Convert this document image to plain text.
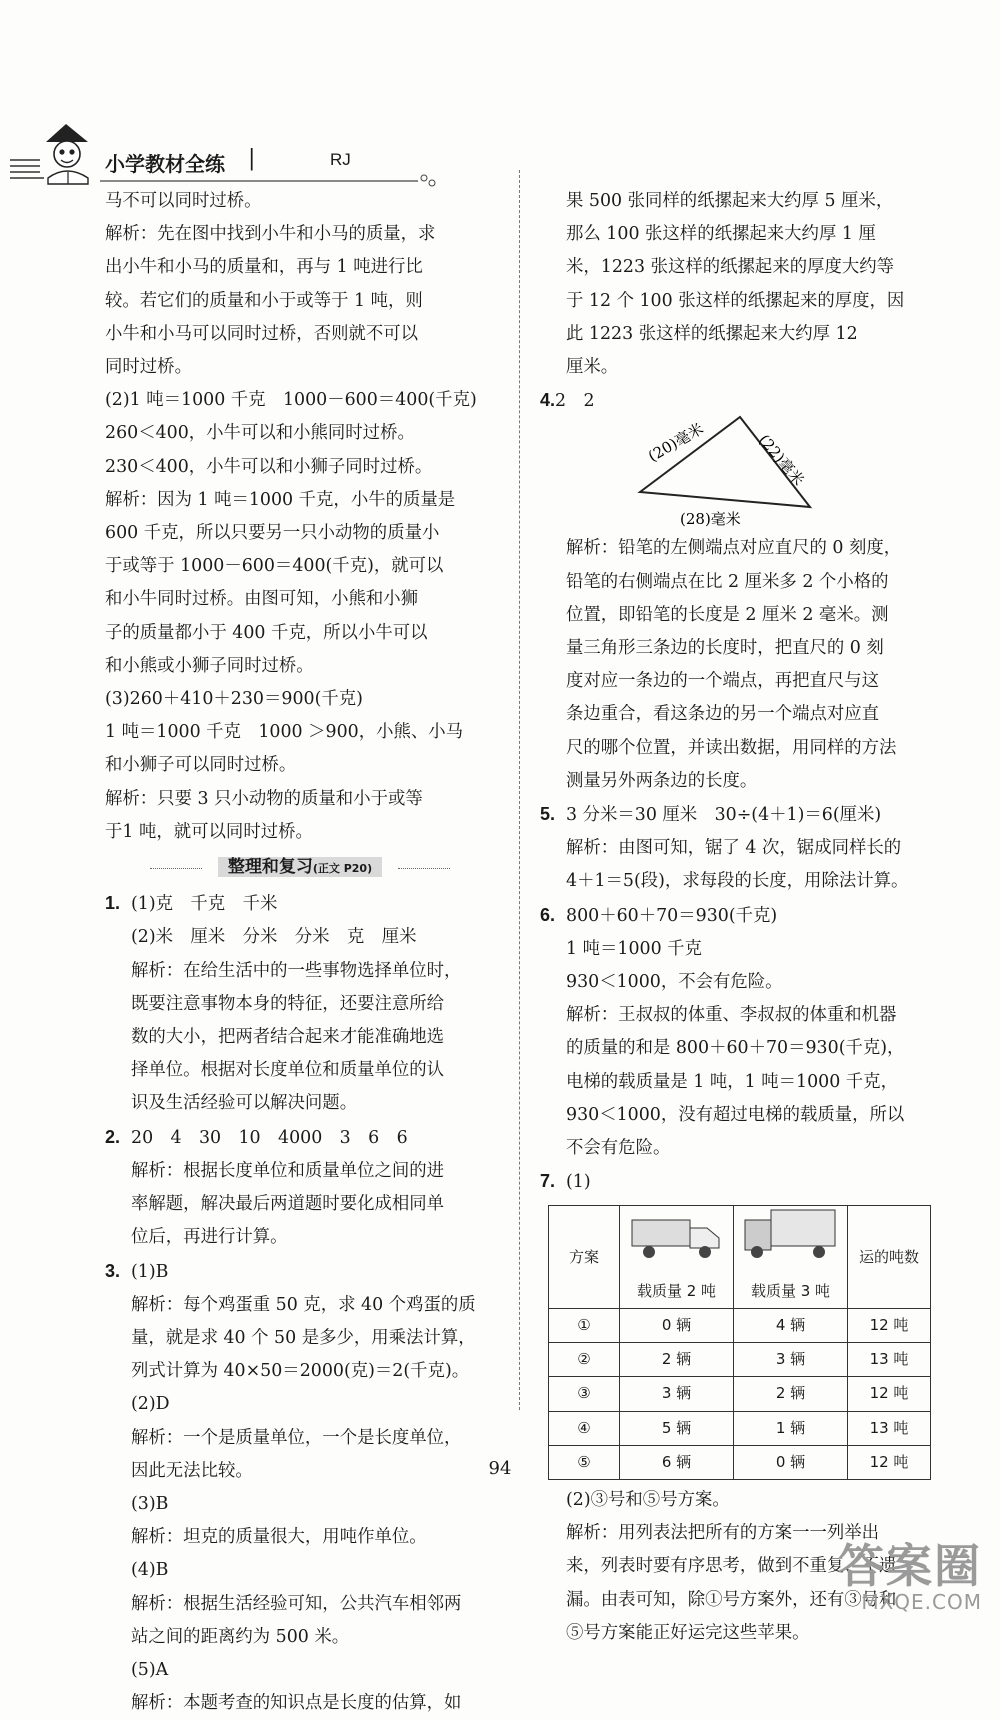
小学教材全练 |	RJ

马不可以同时过桥。

解析：先在图中找到小牛和小马的质量，求

出小牛和小马的质量和，再与 1 吨进行比

较。若它们的质量和小于或等于 1 吨，则

小牛和小马可以同时过桥，否则就不可以

同时过桥。

(2)1 吨＝1000 千克　1000－600＝400(千克)

260＜400，小牛可以和小熊同时过桥。

230＜400，小牛可以和小狮子同时过桥。

解析：因为 1 吨＝1000 千克，小牛的质量是

600 千克，所以只要另一只小动物的质量小

于或等于 1000－600＝400(千克)，就可以

和小牛同时过桥。由图可知，小熊和小狮

子的质量都小于 400 千克，所以小牛可以

和小熊或小狮子同时过桥。

(3)260＋410＋230＝900(千克)

1 吨＝1000 千克　1000 ＞900，小熊、小马

和小狮子可以同时过桥。

解析：只要 3 只小动物的质量和小于或等

于1 吨，就可以同时过桥。

整理和复习(正文 P20)

1. (1)克　千克　千米

(2)米　厘米　分米　分米　克　厘米

解析：在给生活中的一些事物选择单位时，

既要注意事物本身的特征，还要注意所给

数的大小，把两者结合起来才能准确地选

择单位。根据对长度单位和质量单位的认

识及生活经验可以解决问题。

2. 20　4　30　10　4000　3　6　6

解析：根据长度单位和质量单位之间的进

率解题，解决最后两道题时要化成相同单

位后，再进行计算。

3. (1)B

解析：每个鸡蛋重 50 克，求 40 个鸡蛋的质

量，就是求 40 个 50 是多少，用乘法计算，

列式计算为 40×50＝2000(克)＝2(千克)。

(2)D

解析：一个是质量单位，一个是长度单位，

因此无法比较。

(3)B

解析：坦克的质量很大，用吨作单位。

(4)B

解析：根据生活经验可知，公共汽车相邻两

站之间的距离约为 500 米。

(5)A

解析：本题考查的知识点是长度的估算，如

果 500 张同样的纸摞起来大约厚 5 厘米，

那么 100 张这样的纸摞起来大约厚 1 厘

米，1223 张这样的纸摞起来的厚度大约等

于 12 个 100 张这样的纸摞起来的厚度，因

此 1223 张这样的纸摞起来大约厚 12

厘米。

4.2　2

(20)毫米	(22)毫米
(28)毫米

解析：铅笔的左侧端点对应直尺的 0 刻度，

铅笔的右侧端点在比 2 厘米多 2 个小格的

位置，即铅笔的长度是 2 厘米 2 毫米。测

量三角形三条边的长度时，把直尺的 0 刻

度对应一条边的一个端点，再把直尺与这

条边重合，看这条边的另一个端点对应直

尺的哪个位置，并读出数据，用同样的方法

测量另外两条边的长度。

5. 3 分米＝30 厘米　30÷(4＋1)＝6(厘米)

解析：由图可知，锯了 4 次，锯成同样长的

4＋1＝5(段)，求每段的长度，用除法计算。

6. 800＋60＋70＝930(千克)

1 吨＝1000 千克

930＜1000，不会有危险。

解析：王叔叔的体重、李叔叔的体重和机器

的质量的和是 800＋60＋70＝930(千克)，

电梯的载质量是 1 吨，1 吨＝1000 千克，

930＜1000，没有超过电梯的载质量，所以

不会有危险。

7. (1)

方案	载质量 2 吨	载质量 3 吨	运的吨数
①	0 辆	4 辆	12 吨
②	2 辆	3 辆	13 吨
③	3 辆	2 辆	12 吨
④	5 辆	1 辆	13 吨
⑤	6 辆	0 辆	12 吨

(2)③号和⑤号方案。

解析：用列表法把所有的方案一一列举出

来，列表时要有序思考，做到不重复、不遗

漏。由表可知，除①号方案外，还有③号和

⑤号方案能正好运完这些苹果。

94
答案圈
MXQE.COM
